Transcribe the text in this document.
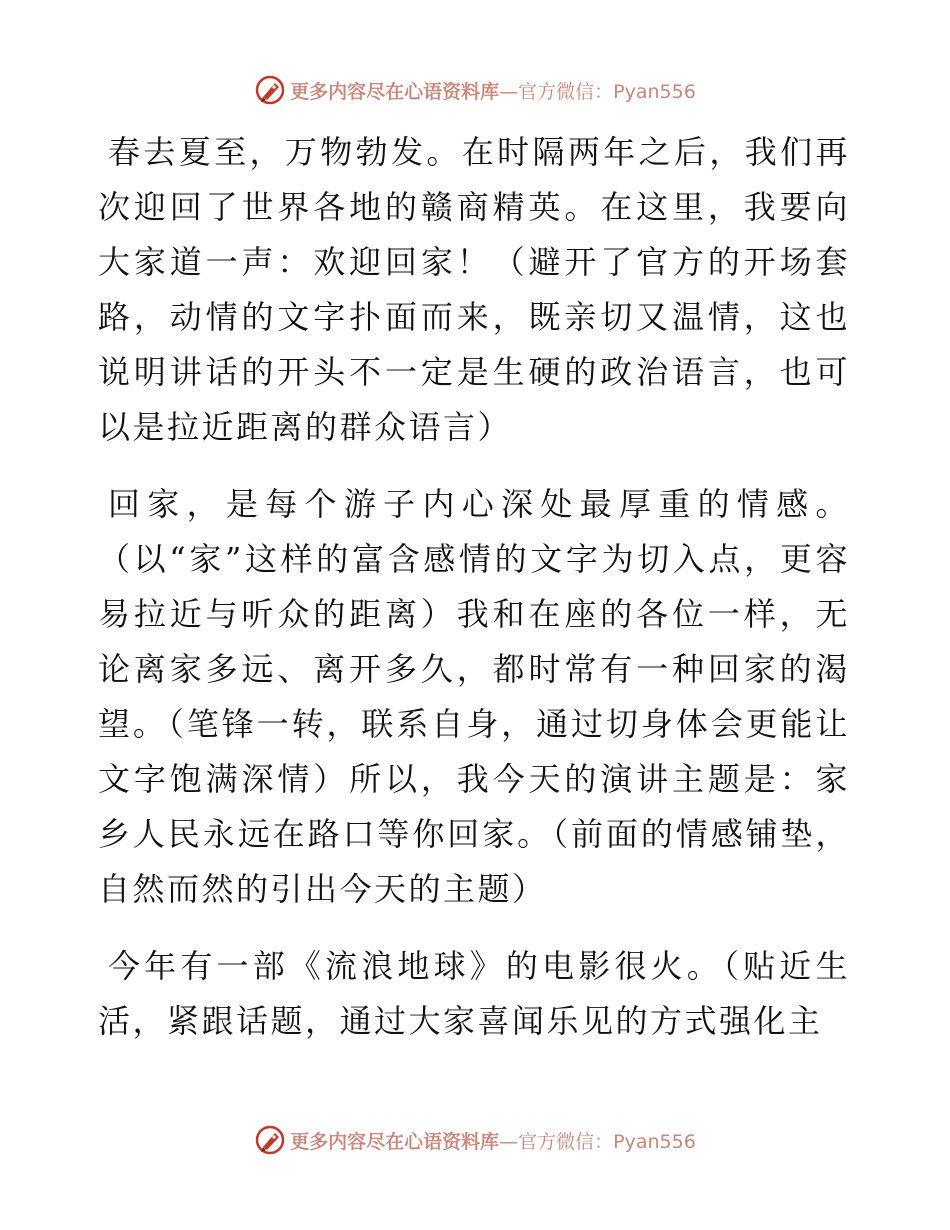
更多内容尽在心语资料库 —官方微信：Pyan556

春去夏至，万物勃发。在时隔两年之后，我们再次迎回了世界各地的赣商精英。在这里，我要向大家道一声：欢迎回家！（避开了官方的开场套路，动情的文字扑面而来，既亲切又温情，这也说明讲话的开头不一定是生硬的政治语言，也可以是拉近距离的群众语言）

回家，是每个游子内心深处最厚重的情感。（以“家”这样的富含感情的文字为切入点，更容易拉近与听众的距离）我和在座的各位一样，无论离家多远、离开多久，都时常有一种回家的渴望。（笔锋一转，联系自身，通过切身体会更能让文字饱满深情）所以，我今天的演讲主题是：家乡人民永远在路口等你回家。（前面的情感铺垫，自然而然的引出今天的主题）

今年有一部《流浪地球》的电影很火。（贴近生活，紧跟话题，通过大家喜闻乐见的方式强化主

更多内容尽在心语资料库 —官方微信：Pyan556
